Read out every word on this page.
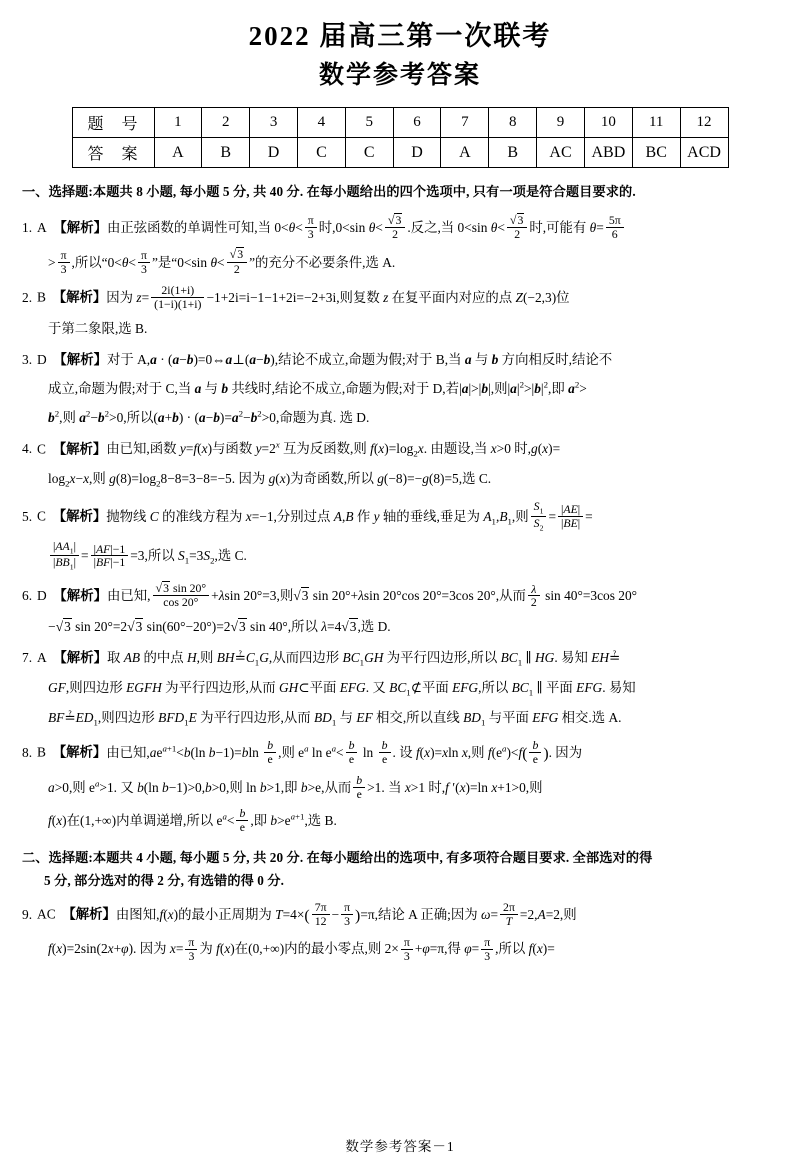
2022 届高三第一次联考
数学参考答案
题 号	1	2	3	4	5	6	7	8	9	10	11	12
答 案	A	B	D	C	C	D	A	B	AC	ABD	BC	ACD
一、选择题:本题共 8 小题, 每小题 5 分, 共 40 分. 在每小题给出的四个选项中, 只有一项是符合题目要求的.
1. A 【解析】由正弦函数的单调性可知,当 $0<\theta< \frac{\pi}{3}$ 时,0<sin $\theta< \frac{√3}{2}$ .反之,当 0<sin $\theta< \frac{√3}{2}$ 时,可能有 $\theta= \frac{5\pi}{6}$
> $\frac{\pi}{3}$ ,所以“$0<\theta< \frac{\pi}{3}$ ”是“0<sin $\theta< \frac{√3}{2}$ ”的充分不必要条件,选 A.
2. B 【解析】因为 $z= \frac{2i(1+i)}{(1-i)(1+i)} -1+2i=i-1-1+2i=-2+3i$,则复数 z 在复平面内对应的点 Z(−2,3)位
于第二象限,选 B.
3. D 【解析】对于 A,a · (a−b)=0⇔a⊥(a−b),结论不成立,命题为假;对于 B,当 a 与 b 方向相反时,结论不
成立,命题为假;对于 C,当 a 与 b 共线时,结论不成立,命题为假;对于 D,若|a|>|b|,则$|a|^2>|b|^2$,即 $a^2>$
$b^2$,则 $a^2-b^2>0$,所以$(a+b) \cdot (a-b)=a^2-b^2>0$,命题为真. 选 D.
4. C 【解析】由已知,函数 y=f(x)与函数 $y=2^x$ 互为反函数,则 $f(x)=\log_2x$. 由题设,当 x>0 时,g(x)=
$\log_2x-x$,则 $g(8)=\log_28-8=3-8=-5$. 因为 g(x)为奇函数,所以 g(−8)=−g(8)=5,选 C.
5. C 【解析】抛物线 C 的准线方程为 x=−1,分别过点 A,B 作 y 轴的垂线,垂足为 $A_1,B_1$,则 $\frac{S_1}{S_2} = \frac{|AE|}{|BE|}$ =
$\frac{|AA_1|}{|BB_1|} = \frac{|AF|-1}{|BF|-1} =3$,所以 $S_1=3S_2$,选 C.
6. D 【解析】由已知, $\frac{√3 \sin 20^\circ}{\cos 20^\circ} +\lambda\sin$ 20°=3,则√3 sin 20°+λsin 20°cos 20°=3cos 20°,从而 $\frac{\lambda}{2}$ sin 40°=3cos 20°
−√3 sin 20°=2√3 sin(60°−20°)=2√3 sin 40°,所以 λ=4√3,选 D.
7. A 【解析】取 AB 的中点 H,则 $BH≟C_1G$,从而四边形 $BC_1GH$ 为平行四边形,所以 $BC_1$ ∥ HG. 易知 EH≟
GF,则四边形 EGFH 为平行四边形,从而 GH⊂平面 EFG. 又 $BC_1⊄$平面 EFG,所以 $BC_1$ ∥ 平面 EFG. 易知
$BF≟ED_1$,则四边形 $BFD_1E$ 为平行四边形,从而 $BD_1$ 与 EF 相交,所以直线 $BD_1$ 与平面 EFG 相交.选 A.
8. B 【解析】由已知$,ae^{a+1}<b(\ln$ $b-1)=bln \frac{b}{e}$ ,则 $e^a$ $\ln e^a< \frac{b}{e}$ $\ln \frac{b}{e}$ . 设 f(x)=xln x,则 $f(e^a)<f( \frac{b}{e}$ ). 因为
a>0,则 $e^a>1$. 又 b(ln b−1)>0,b>0,则 ln b>1,即 b>e,从而 $\frac{b}{e} >1$. 当 x>1 时,f ′(x)=ln x+1>0,则
f(x)在(1,+∞)内单调递增,所以 $e^a< \frac{b}{e}$ ,即 $b>e^{a+1}$,选 B.
二、选择题:本题共 4 小题, 每小题 5 分, 共 20 分. 在每小题给出的选项中, 有多项符合题目要求. 全部选对的得
5 分, 部分选对的得 2 分, 有选错的得 0 分.
9. AC 【解析】由图知,f(x)的最小正周期为 $T=4\times( \frac{7\pi}{12} - \frac{\pi}{3} )=\pi$,结论 A 正确;因为 $\omega= \frac{2\pi}{T} =2,A=2$,则
f(x)=2sin(2x+φ). 因为 $x= \frac{\pi}{3}$ 为 f(x)在(0,+∞)内的最小零点,则 $2\times \frac{\pi}{3} +\varphi=\pi$,得 $\varphi= \frac{\pi}{3}$ ,所以 f(x)=
数学参考答案－1
